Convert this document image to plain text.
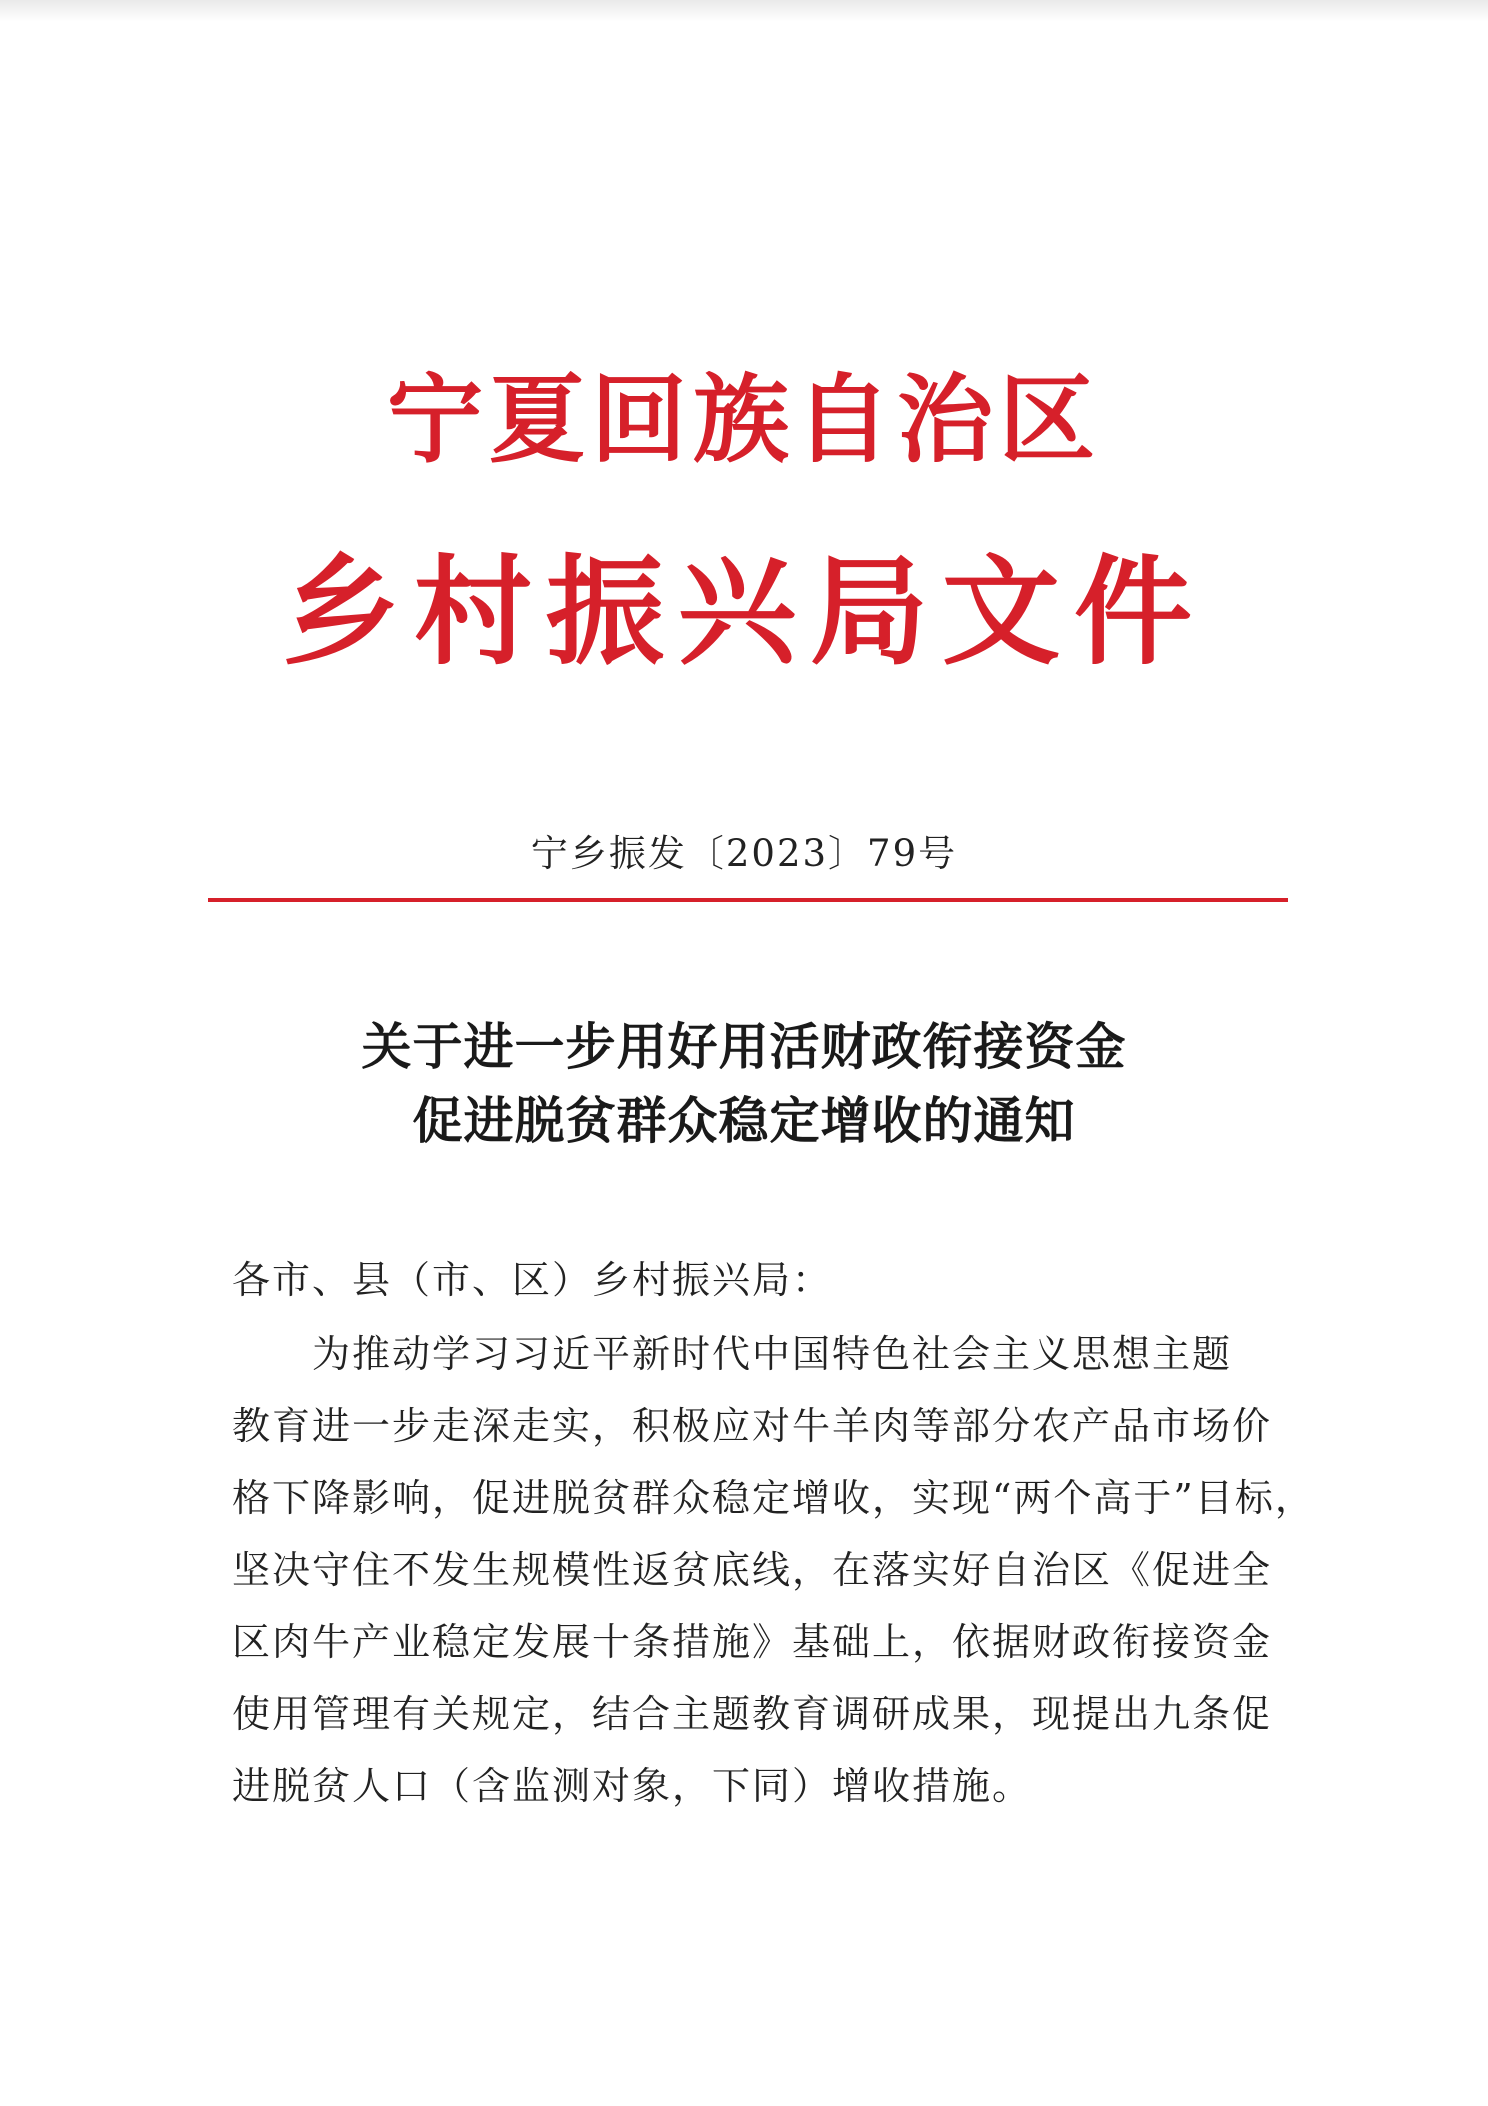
宁夏回族自治区
乡村振兴局文件
宁乡振发〔2023〕79号
关于进一步用好用活财政衔接资金
促进脱贫群众稳定增收的通知
各市、县（市、区）乡村振兴局：
为推动学习习近平新时代中国特色社会主义思想主题
教育进一步走深走实，积极应对牛羊肉等部分农产品市场价
格下降影响，促进脱贫群众稳定增收，实现“两个高于”目标，
坚决守住不发生规模性返贫底线，在落实好自治区《促进全
区肉牛产业稳定发展十条措施》基础上，依据财政衔接资金
使用管理有关规定，结合主题教育调研成果，现提出九条促
进脱贫人口（含监测对象，下同）增收措施。
